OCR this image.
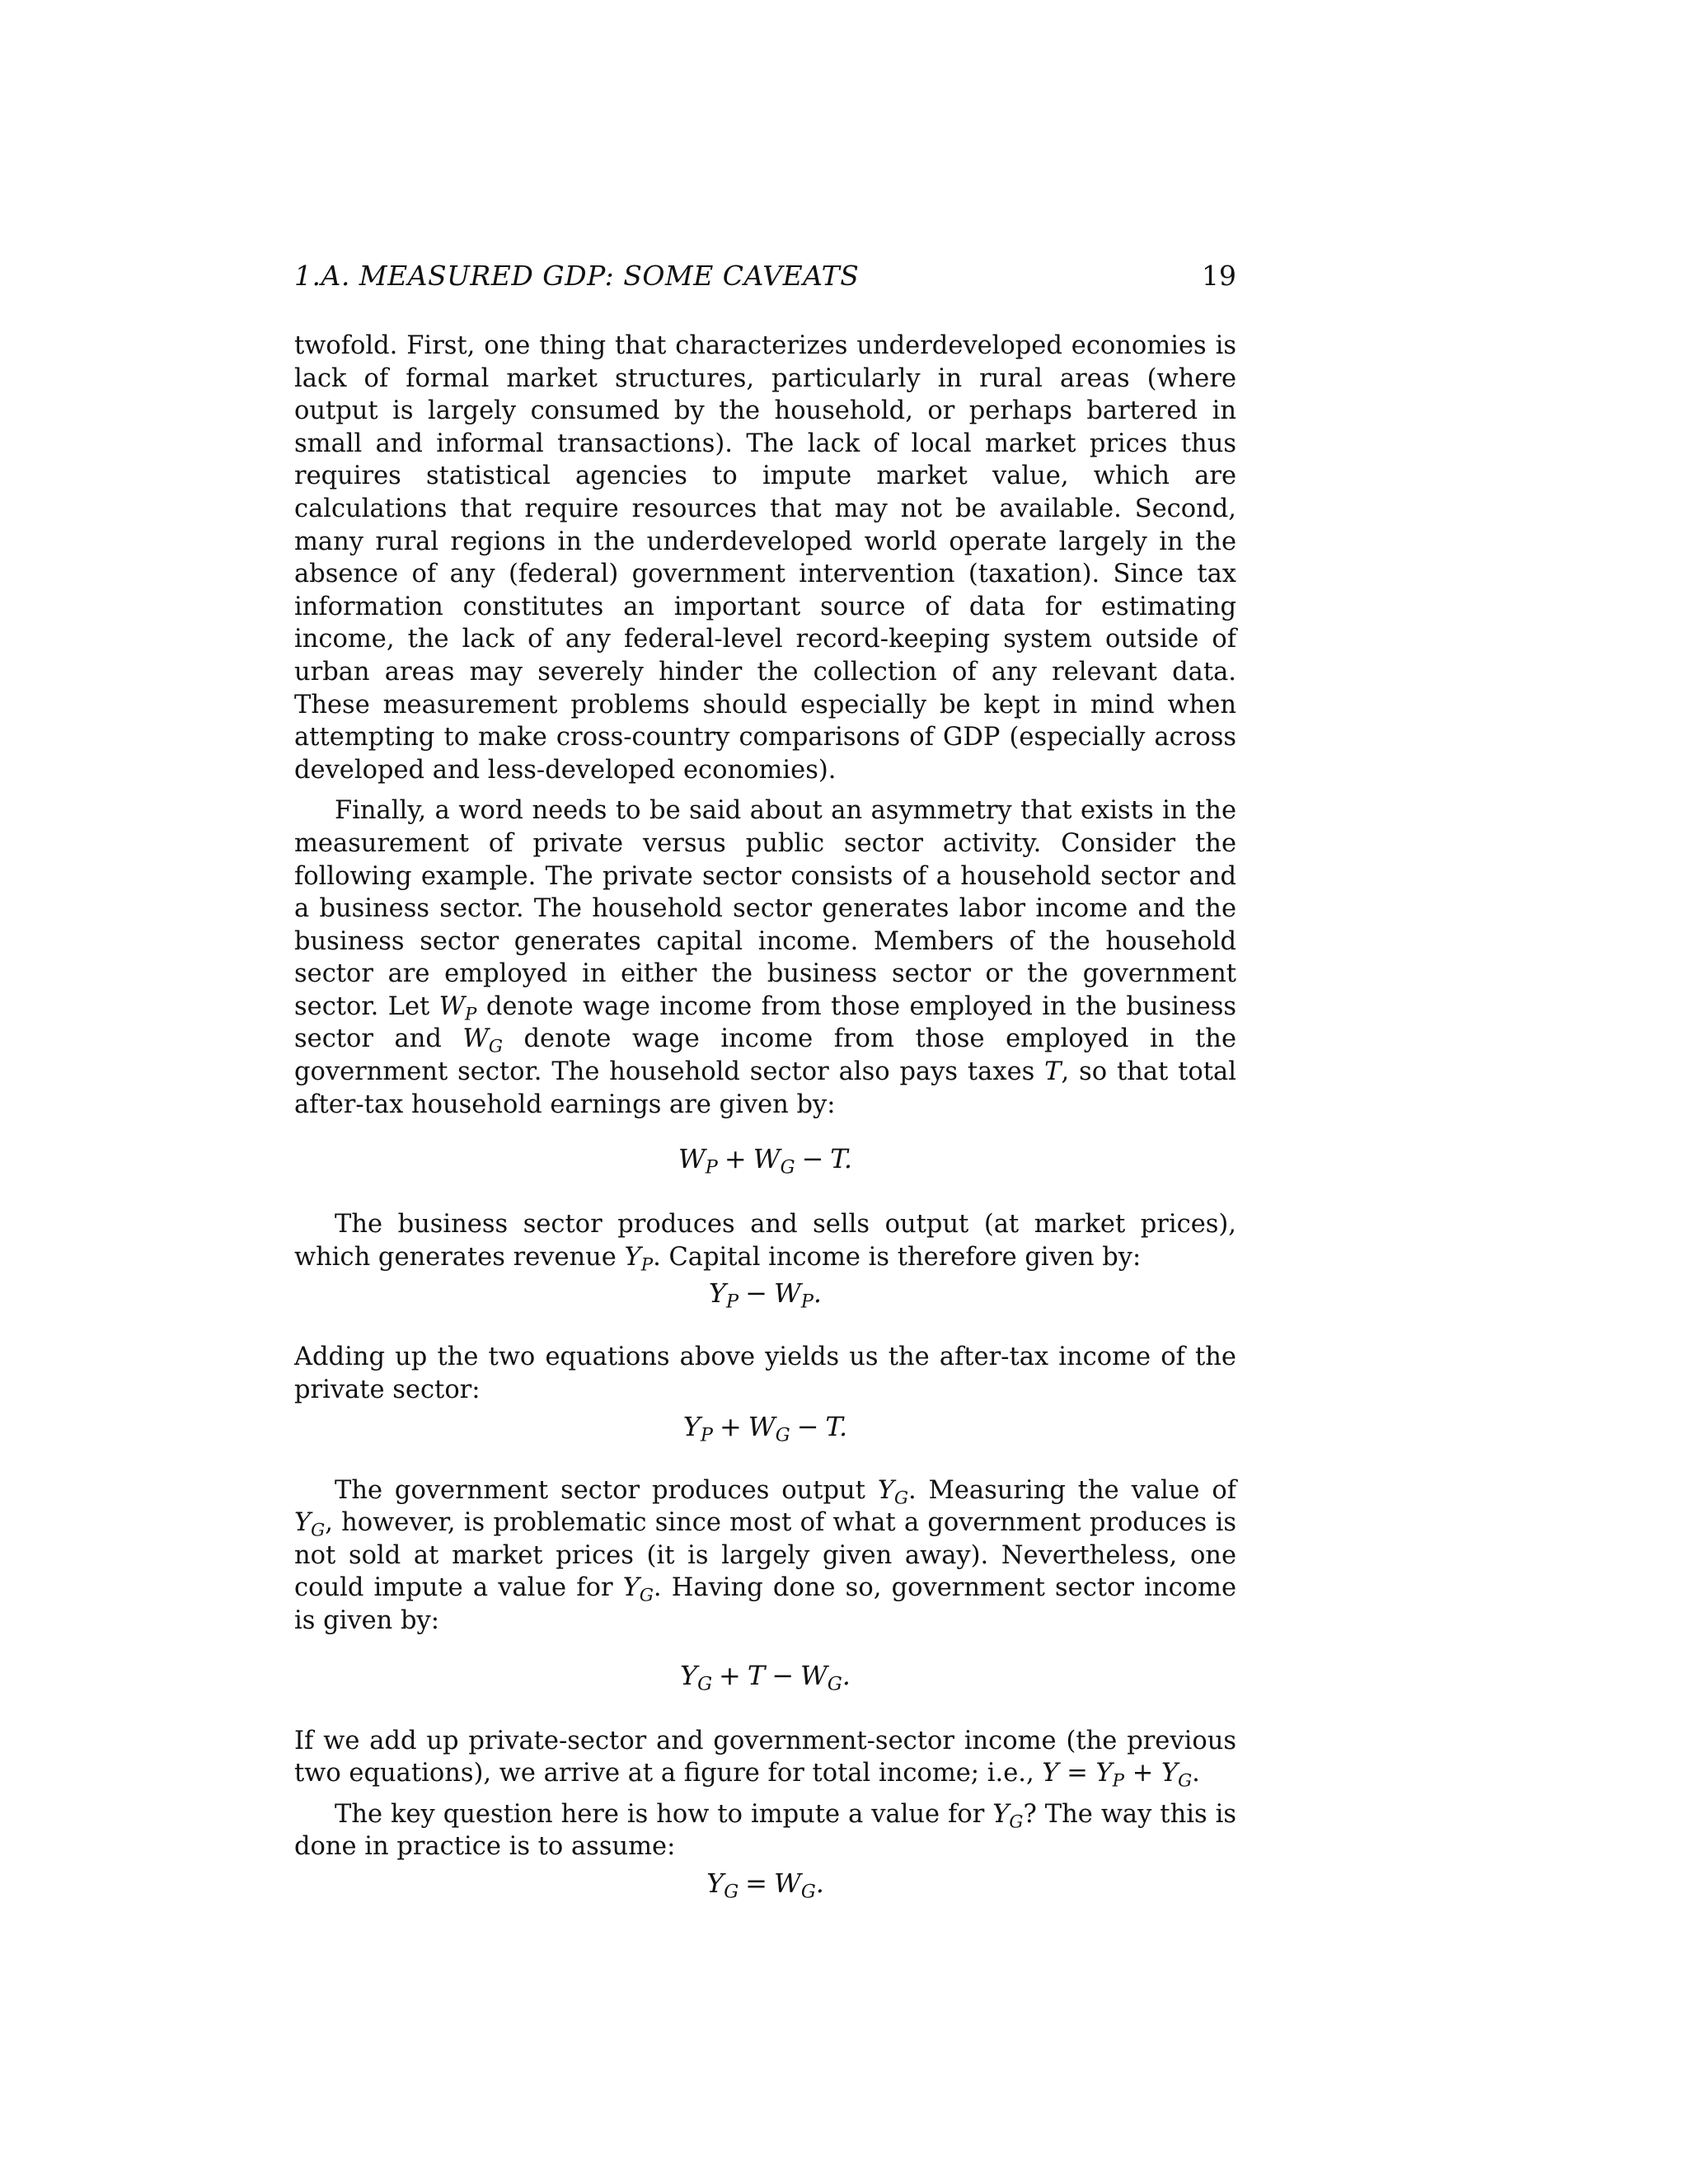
1.A. MEASURED GDP: SOME CAVEATS	19

twofold. First, one thing that characterizes underdeveloped economies is lack of formal market structures, particularly in rural areas (where output is largely consumed by the household, or perhaps bartered in small and informal transactions). The lack of local market prices thus requires statistical agencies to impute market value, which are calculations that require resources that may not be available. Second, many rural regions in the underdeveloped world operate largely in the absence of any (federal) government intervention (taxation). Since tax information constitutes an important source of data for estimating income, the lack of any federal-level record-keeping system outside of urban areas may severely hinder the collection of any relevant data. These measurement problems should especially be kept in mind when attempting to make cross-country comparisons of GDP (especially across developed and less-developed economies).

Finally, a word needs to be said about an asymmetry that exists in the measurement of private versus public sector activity. Consider the following example. The private sector consists of a household sector and a business sector. The household sector generates labor income and the business sector generates capital income. Members of the household sector are employed in either the business sector or the government sector. Let $W_P$ denote wage income from those employed in the business sector and $W_G$ denote wage income from those employed in the government sector. The household sector also pays taxes T, so that total after-tax household earnings are given by:

$W_P + W_G - T$.

The business sector produces and sells output (at market prices), which generates revenue $Y_P$. Capital income is therefore given by:

$Y_P - W_P$.

Adding up the two equations above yields us the after-tax income of the private sector:

$Y_P + W_G - T$.

The government sector produces output $Y_G$. Measuring the value of $Y_G$, however, is problematic since most of what a government produces is not sold at market prices (it is largely given away). Nevertheless, one could impute a value for $Y_G$. Having done so, government sector income is given by:

$Y_G + T - W_G$.

If we add up private-sector and government-sector income (the previous two equations), we arrive at a figure for total income; i.e., $Y = Y_P + Y_G$.

The key question here is how to impute a value for $Y_G$? The way this is done in practice is to assume:

$Y_G = W_G$.
